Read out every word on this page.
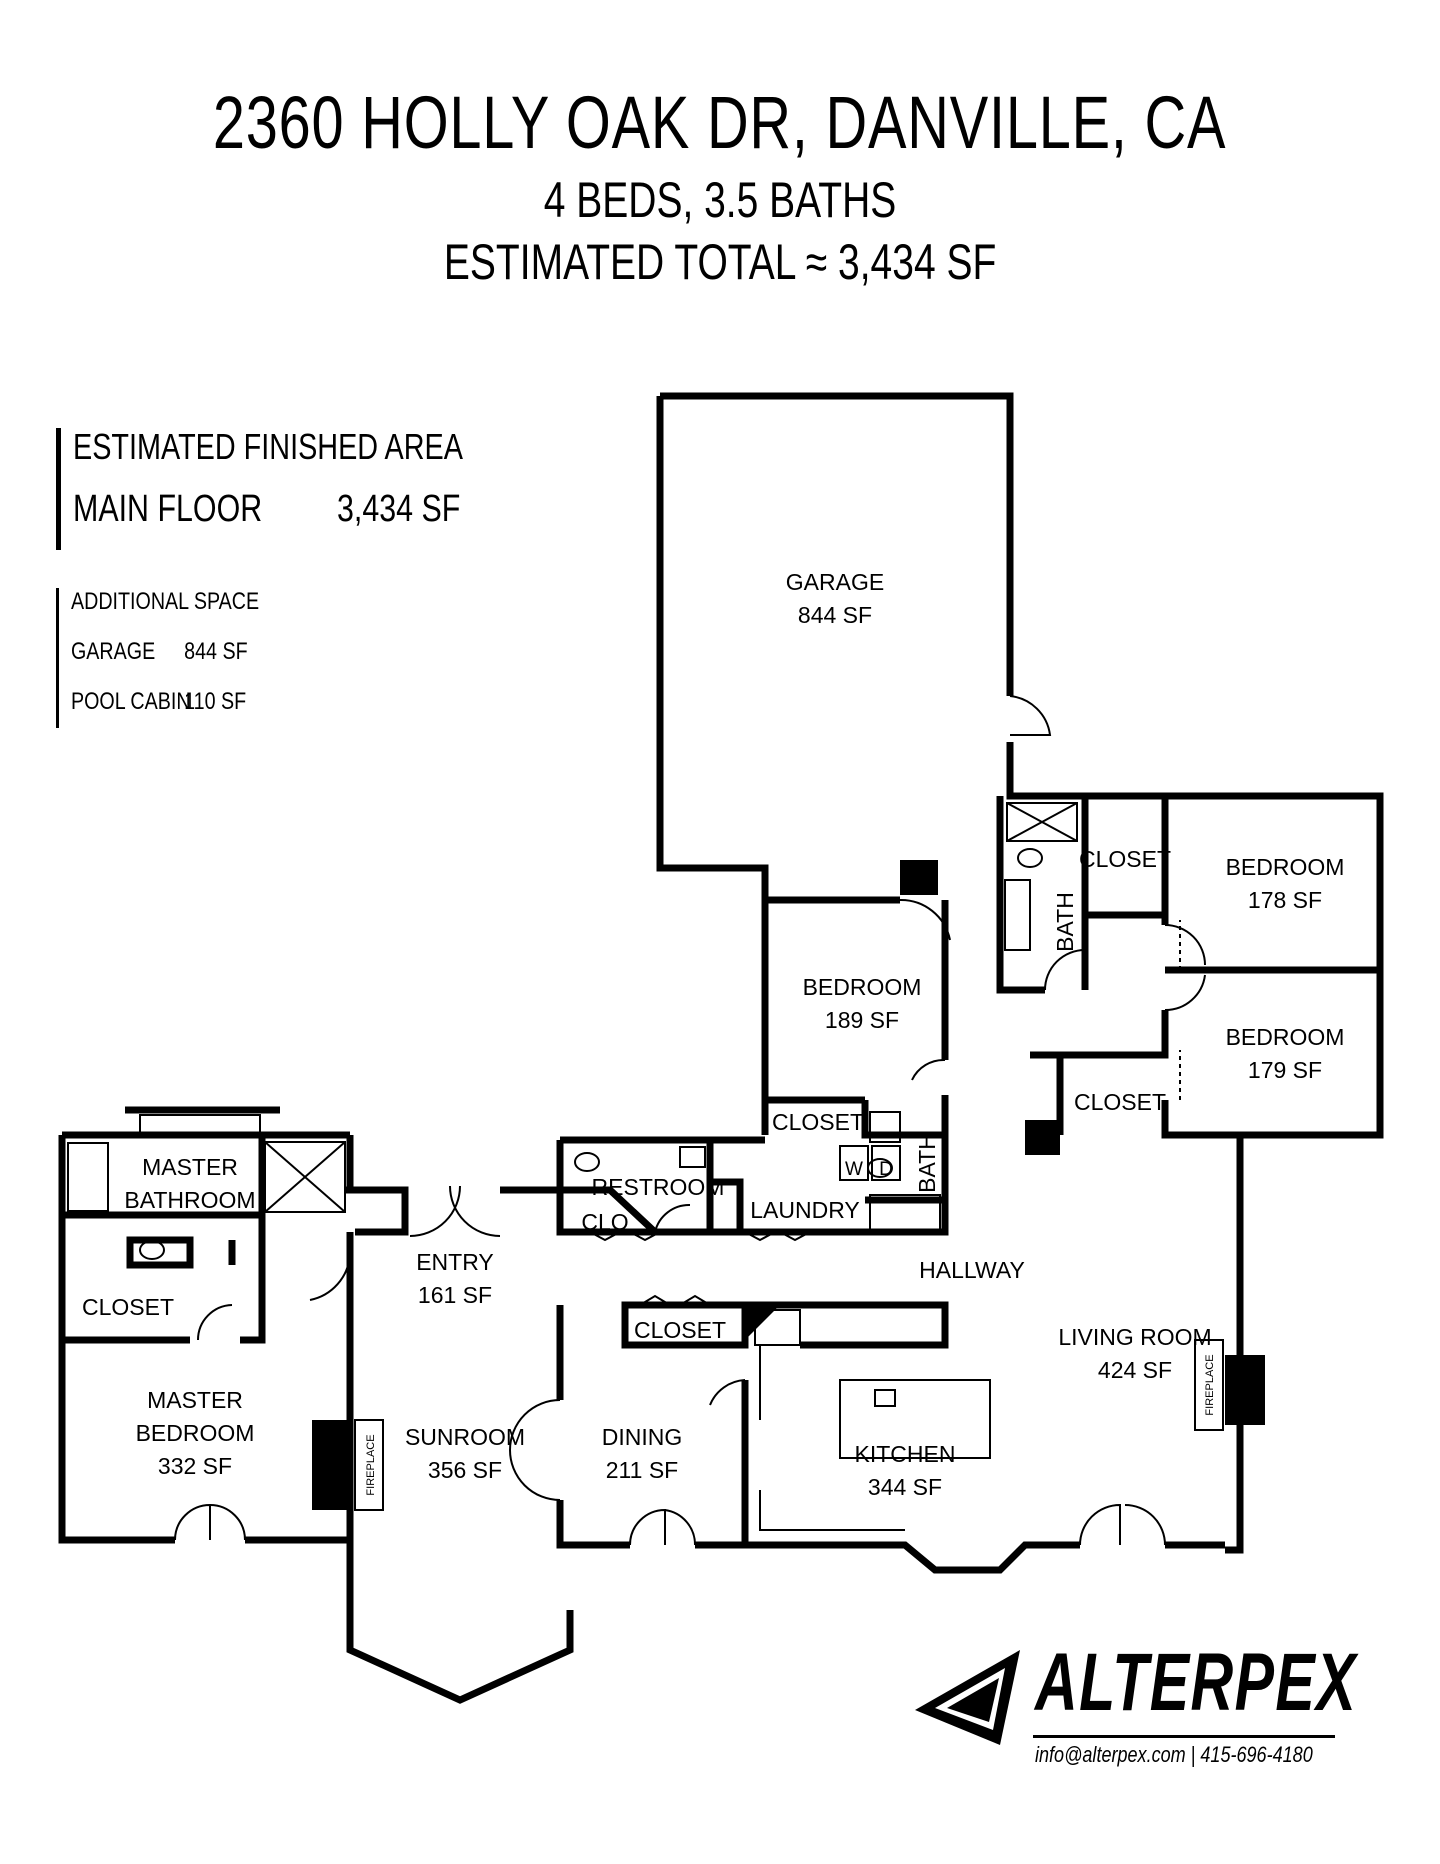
2360 HOLLY OAK DR, DANVILLE, CA
4 BEDS, 3.5 BATHS
ESTIMATED TOTAL ≈ 3,434 SF
ESTIMATED FINISHED AREA
MAIN FLOOR 3,434 SF
ADDITIONAL SPACE
GARAGE 844 SF
POOL CABIN
110 SF
GARAGE
844 SF
BEDROOM
178 SF
BEDROOM
179 SF
CLOSET
CLOSET
BATH
BEDROOM
189 SF
CLOSET
BATH
RESTROOM
CLO	LAUNDRY
W D
MASTER
BATHROOM
CLOSET
MASTER
BEDROOM
332 SF
ENTRY
161 SF
HALLWAY
CLOSET	LIVING ROOM
424 SF
SUNROOM
356 SF
DINING
211 SF
KITCHEN
344 SF
FIREPLACE
FIREPLACE
ALTERPEX
info@alterpex.com | 415-696-4180
